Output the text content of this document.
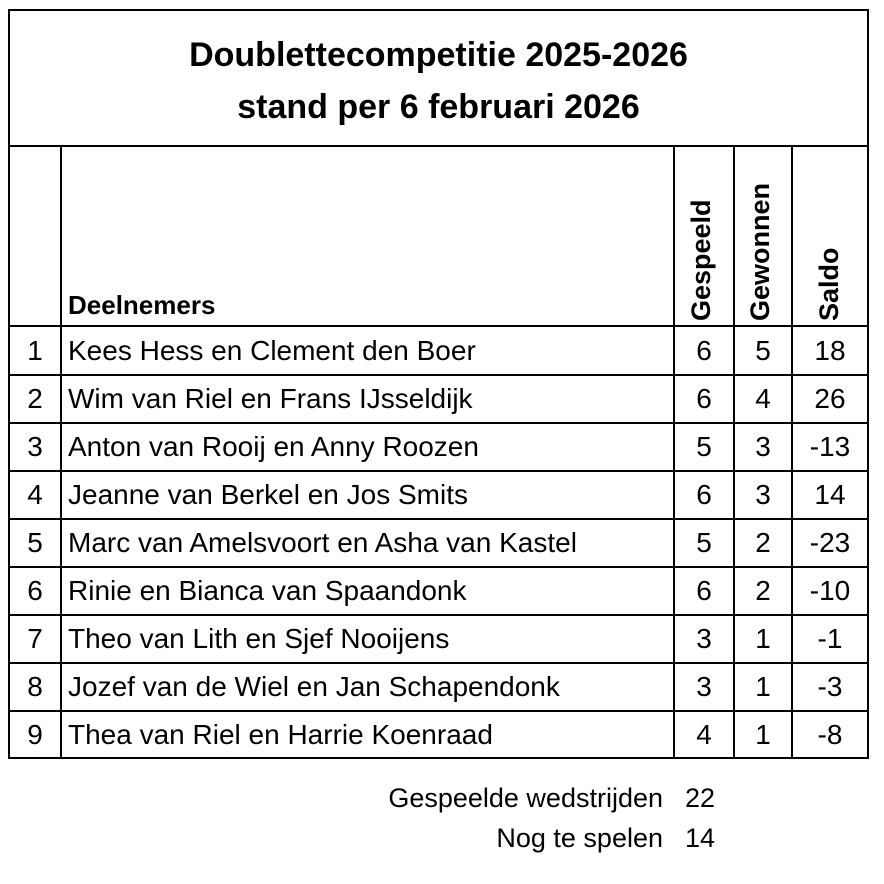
Doublettecompetitie 2025-2026
stand per 6 februari 2026
Deelnemers	Gespeeld Gewonnen Saldo
1 Kees Hess en Clement den Boer	6	5	18
2 Wim van Riel en Frans IJsseldijk	6	4	26
3 Anton van Rooij en Anny Roozen	5	3	-13
4 Jeanne van Berkel en Jos Smits	6	3	14
5 Marc van Amelsvoort en Asha van Kastel	5	2	-23
6 Rinie en Bianca van Spaandonk	6	2	-10
7 Theo van Lith en Sjef Nooijens	3	1	-1
8 Jozef van de Wiel en Jan Schapendonk	3	1	-3
9 Thea van Riel en Harrie Koenraad	4	1	-8
Gespeelde wedstrijden 22
Nog te spelen 14
